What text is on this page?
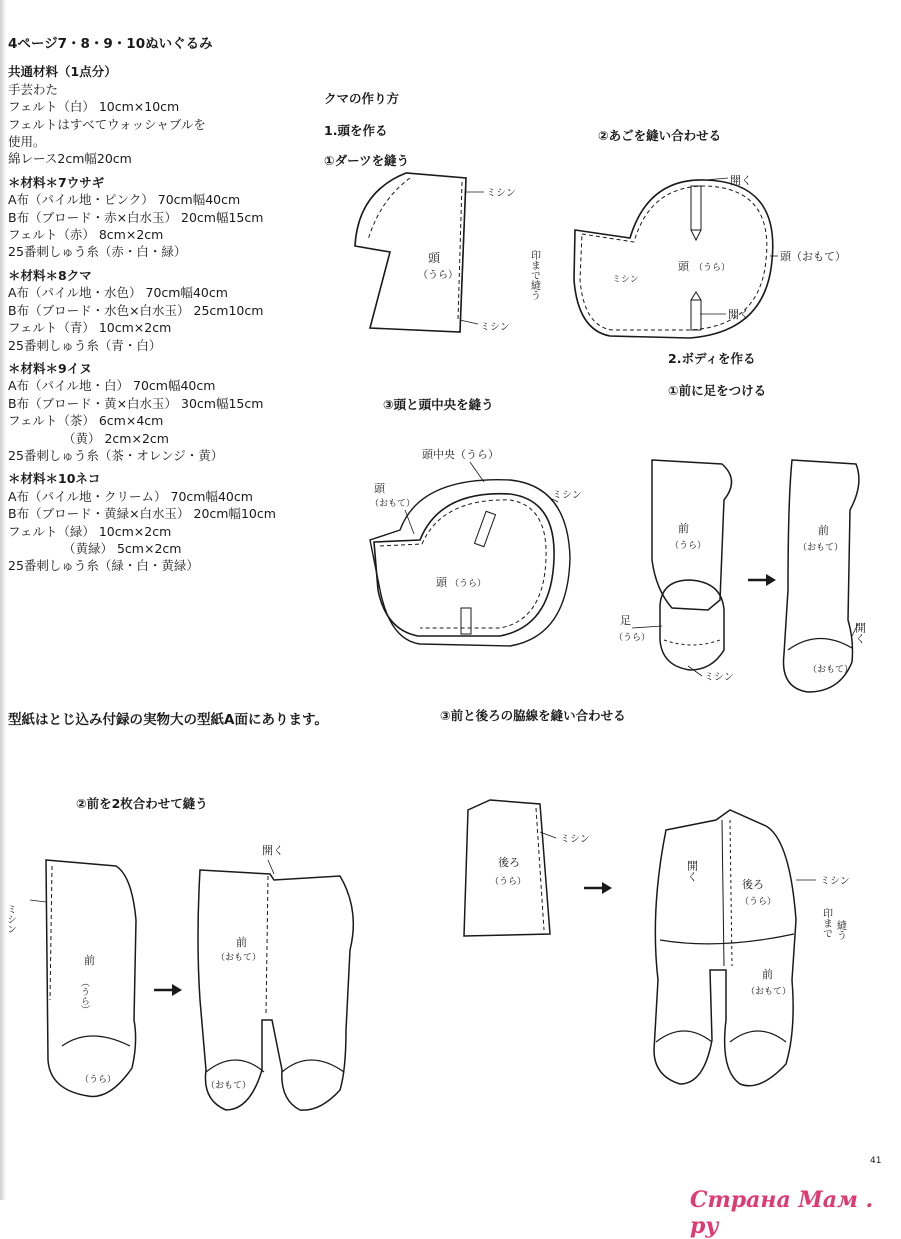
4ページ7・8・9・10ぬいぐるみ
共通材料（1点分）
手芸わた
フェルト（白） 10cm×10cm
フェルトはすべてウォッシャブルを
使用。
綿レース2cm幅20cm
＊材料＊7ウサギ
A布（パイル地・ピンク） 70cm幅40cm
B布（ブロード・赤×白水玉） 20cm幅15cm
フェルト（赤） 8cm×2cm
25番刺しゅう糸（赤・白・緑）
＊材料＊8クマ
A布（パイル地・水色） 70cm幅40cm
B布（ブロード・水色×白水玉） 25cm10cm
フェルト（青） 10cm×2cm
25番刺しゅう糸（青・白）
＊材料＊9イヌ
A布（パイル地・白） 70cm幅40cm
B布（ブロード・黄×白水玉） 30cm幅15cm
フェルト（茶） 6cm×4cm
（黄） 2cm×2cm
25番刺しゅう糸（茶・オレンジ・黄）
＊材料＊10ネコ
A布（パイル地・クリーム） 70cm幅40cm
B布（ブロード・黄緑×白水玉） 20cm幅10cm
フェルト（緑） 10cm×2cm
（黄緑） 5cm×2cm
25番刺しゅう糸（緑・白・黄緑）
型紙はとじ込み付録の実物大の型紙A面にあります。
クマの作り方
1.頭を作る
①ダーツを縫う
②あごを縫い合わせる
2.ボディを作る
①前に足をつける
③頭と頭中央を縫う
③前と後ろの脇線を縫い合わせる
②前を2枚合わせて縫う
頭
（うら）
ミシン
ミシン
開く
開く
頭 （うら）
頭（おもて）
ミシン
印まで縫う
頭中央（うら）
頭
（おもて）
ミシン
頭 （うら）
前
（うら）
前
（おもて）
足
（うら）
ミシン
（おもて）
開く
ミシン
前
（うら）
（うら）
開く
前
（おもて）
（おもて）
後ろ
（うら）
ミシン
開く
後ろ
（うら）
ミシン
印まで 縫う
前
（おもて）
41
Страна Мам . ру
